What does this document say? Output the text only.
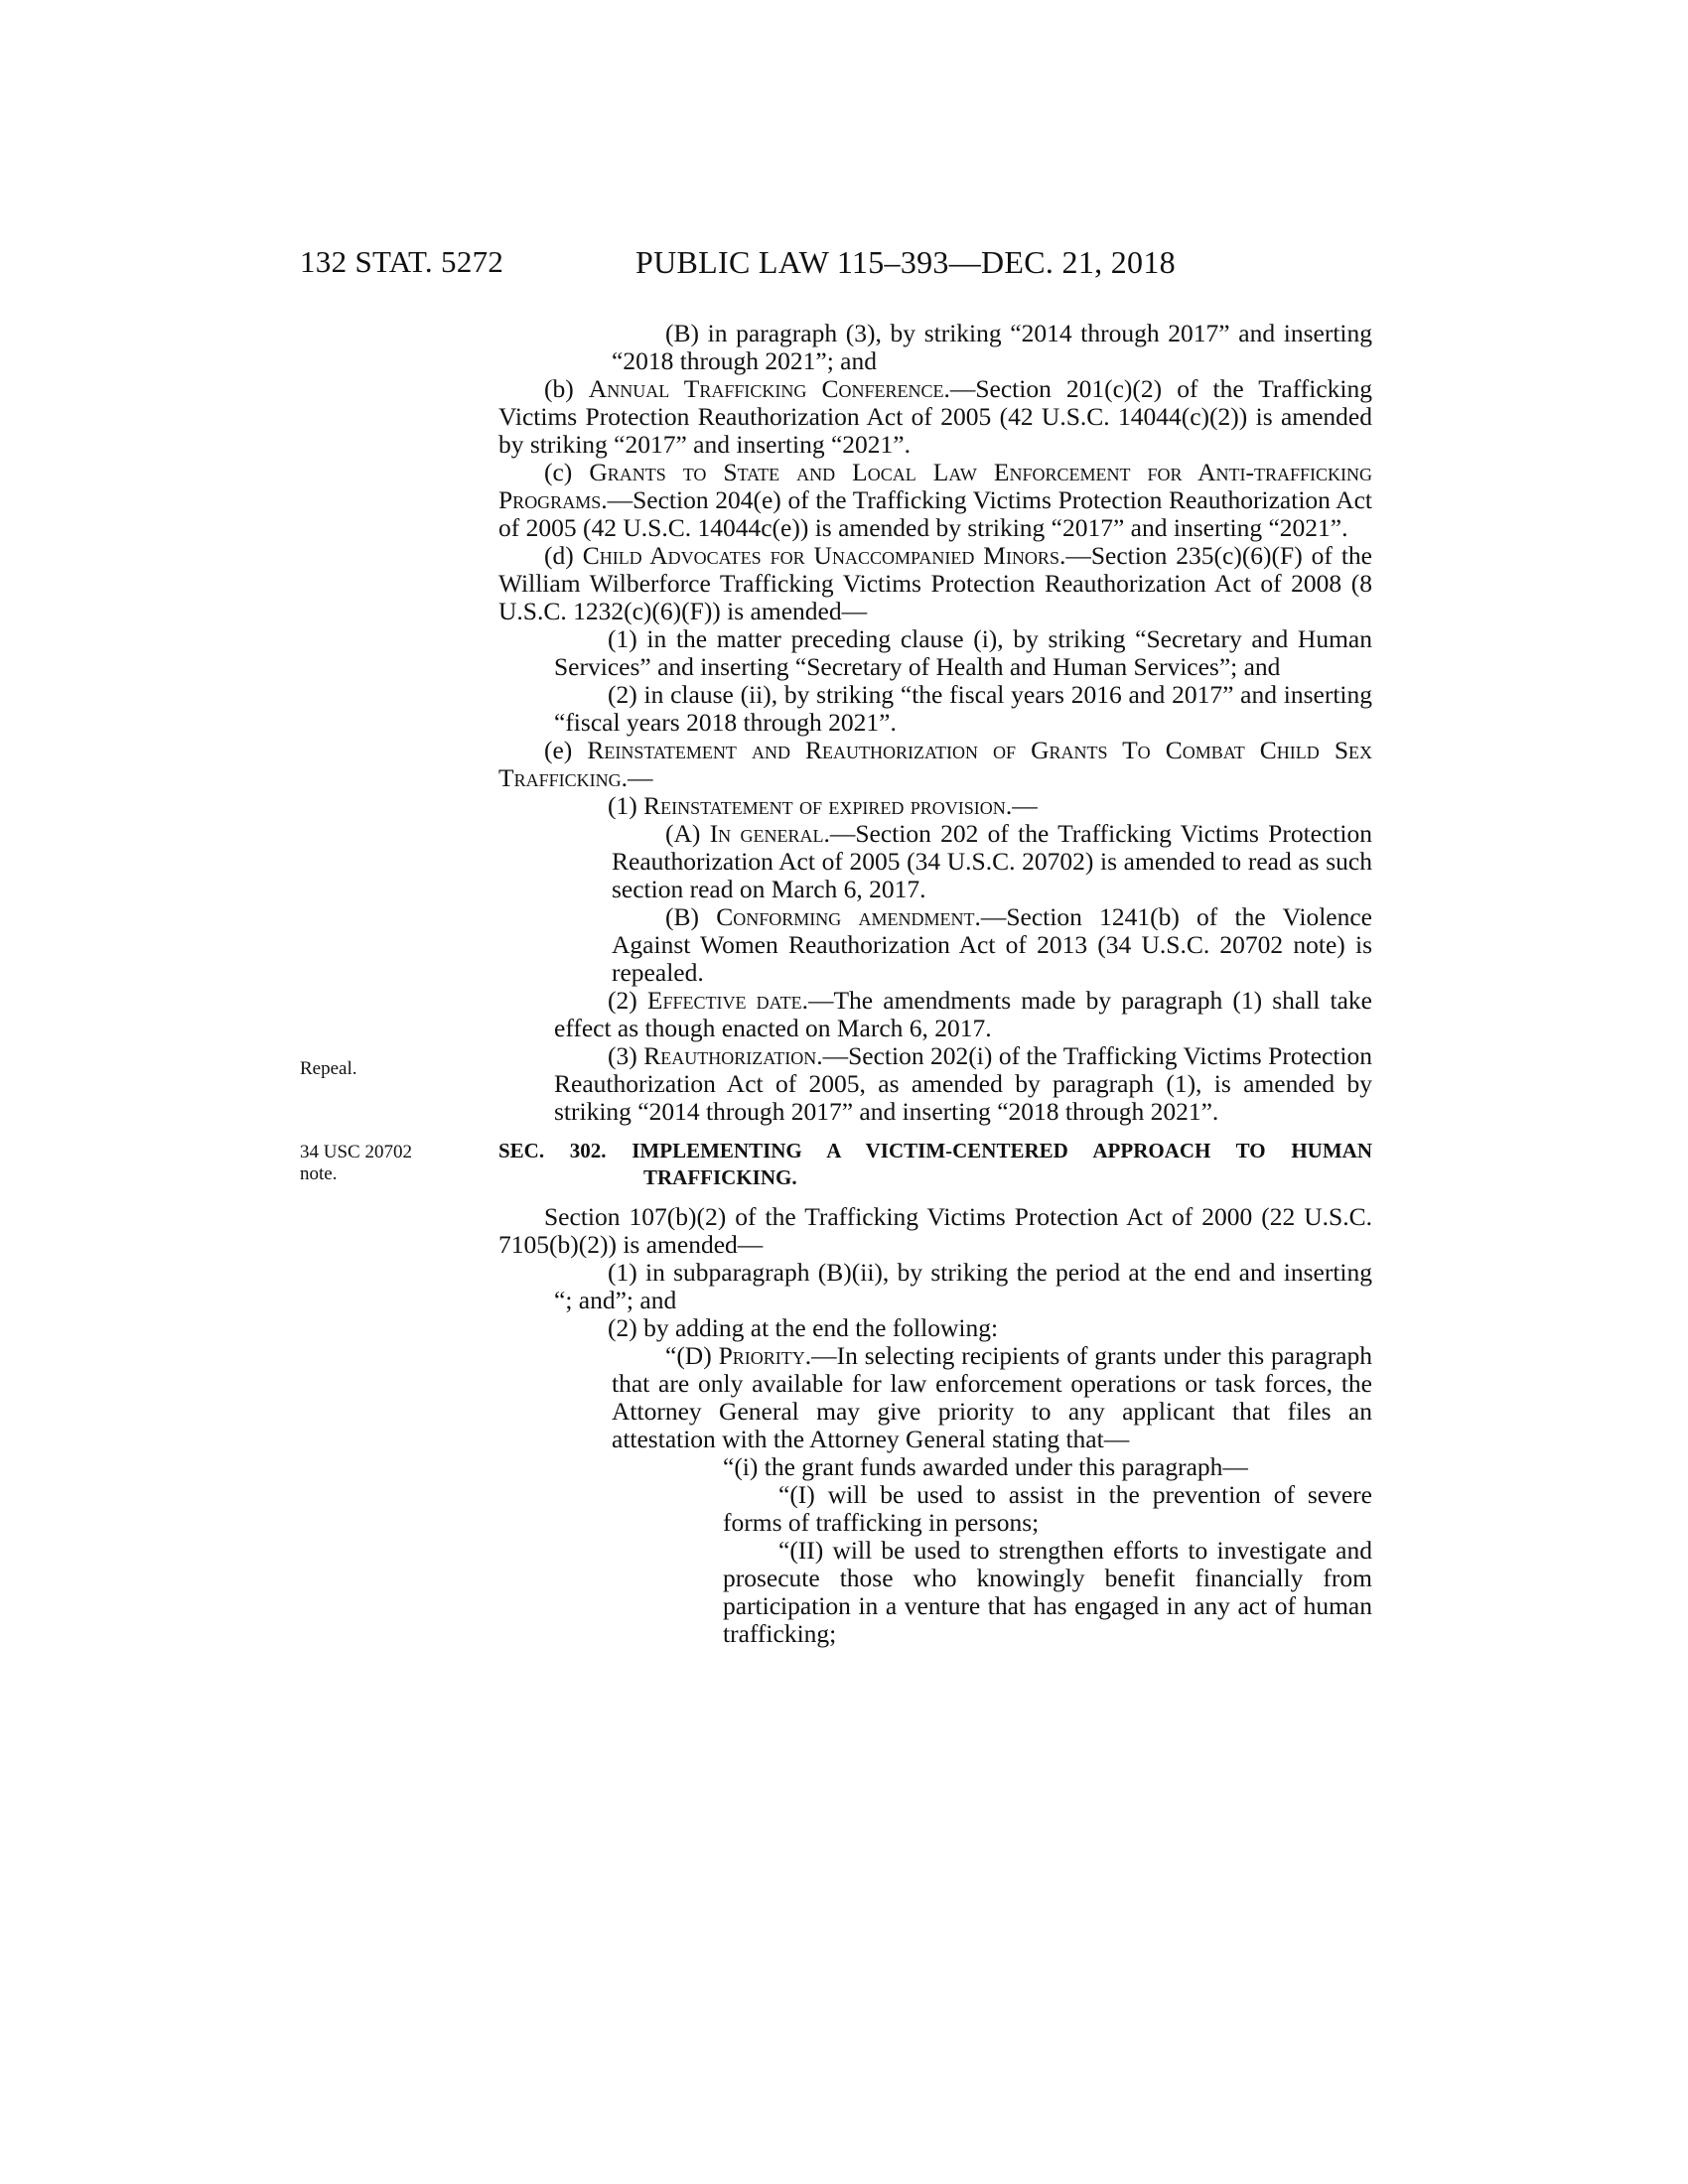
132 STAT. 5272	PUBLIC LAW 115–393—DEC. 21, 2018
Repeal.
34 USC 20702
note.

(B) in paragraph (3), by striking “2014 through 2017” and inserting “2018 through 2021”; and

(b) Annual Trafficking Conference.—Section 201(c)(2) of the Trafficking Victims Protection Reauthorization Act of 2005 (42 U.S.C. 14044(c)(2)) is amended by striking “2017” and inserting “2021”.

(c) Grants to State and Local Law Enforcement for Anti-trafficking Programs.—Section 204(e) of the Trafficking Victims Protection Reauthorization Act of 2005 (42 U.S.C. 14044c(e)) is amended by striking “2017” and inserting “2021”.

(d) Child Advocates for Unaccompanied Minors.—Section 235(c)(6)(F) of the William Wilberforce Trafficking Victims Protection Reauthorization Act of 2008 (8 U.S.C. 1232(c)(6)(F)) is amended—

(1) in the matter preceding clause (i), by striking “Secretary and Human Services” and inserting “Secretary of Health and Human Services”; and

(2) in clause (ii), by striking “the fiscal years 2016 and 2017” and inserting “fiscal years 2018 through 2021”.

(e) Reinstatement and Reauthorization of Grants To Combat Child Sex Trafficking.—

(1) Reinstatement of expired provision.—

(A) In general.—Section 202 of the Trafficking Victims Protection Reauthorization Act of 2005 (34 U.S.C. 20702) is amended to read as such section read on March 6, 2017.

(B) Conforming amendment.—Section 1241(b) of the Violence Against Women Reauthorization Act of 2013 (34 U.S.C. 20702 note) is repealed.

(2) Effective date.—The amendments made by paragraph (1) shall take effect as though enacted on March 6, 2017.

(3) Reauthorization.—Section 202(i) of the Trafficking Victims Protection Reauthorization Act of 2005, as amended by paragraph (1), is amended by striking “2014 through 2017” and inserting “2018 through 2021”.

SEC. 302. IMPLEMENTING A VICTIM-CENTERED APPROACH TO HUMAN TRAFFICKING.

Section 107(b)(2) of the Trafficking Victims Protection Act of 2000 (22 U.S.C. 7105(b)(2)) is amended—

(1) in subparagraph (B)(ii), by striking the period at the end and inserting “; and”; and

(2) by adding at the end the following:

“(D) Priority.—In selecting recipients of grants under this paragraph that are only available for law enforcement operations or task forces, the Attorney General may give priority to any applicant that files an attestation with the Attorney General stating that—

“(i) the grant funds awarded under this paragraph—

“(I) will be used to assist in the prevention of severe forms of trafficking in persons;

“(II) will be used to strengthen efforts to investigate and prosecute those who knowingly benefit financially from participation in a venture that has engaged in any act of human trafficking;
